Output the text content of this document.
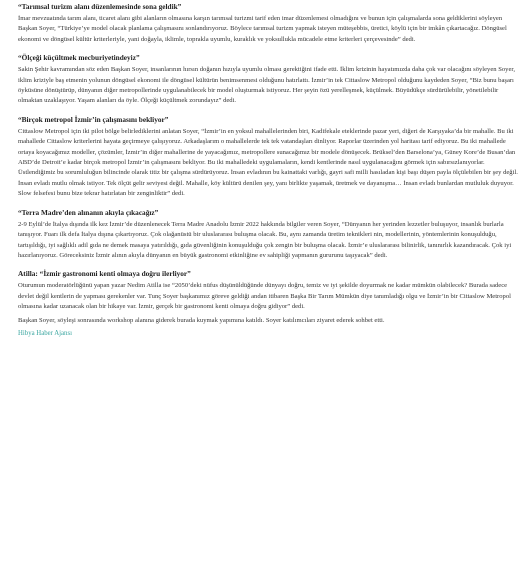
“Tarımsal turizm alanı düzenlemesinde sona geldik”

İmar mevzuatında tarım alanı, ticaret alanı gibi alanların olmasına karşın tarımsal turizmi tarif eden imar düzenlemesi olmadığını ve bunun için çalışmalarda sona geldiklerini söyleyen Başkan Soyer, “Türkiye’ye model olacak planlama çalışmasını sonlandırıyoruz. Böylece tarımsal turizm yapmak isteyen müteşebbis, üretici, köylü için bir imkân çıkartacağız. Döngüsel ekonomi ve döngüsel kültür kriterleriyle, yani doğayla, iklimle, toprakla uyumlu, kuraklık ve yoksullukla mücadele etme kriterleri çerçevesinde” dedi.

“Ölçeği küçültmek mecburiyetindeyiz”

Sakin Şehir kavramından söz eden Başkan Soyer, insanlarının hırsın doğanın hızıyla uyumlu olması gerektiğini ifade etti. İklim krizinin hayatımızda daha çok var olacağını söyleyen Soyer, iklim kriziyle baş etmenin yolunun döngüsel ekonomi ile döngüsel kültürün benimsenmesi olduğunu hatırlattı. İzmir’in tek Cittaslow Metropol olduğunu kaydeden Soyer, “Biz bunu başarı öyküsüne dönüştürüp, dünyanın diğer metropollerinde uygulanabilecek bir model oluşturmak istiyoruz. Her şeyin özü yerelleşmek, küçülmek. Büyüdükçe sürdürülebilir, yönetilebilir olmaktan uzaklaşıyor. Yaşam alanları da öyle. Ölçeği küçültmek zorundayız” dedi.

“Birçok metropol İzmir’in çalışmasını bekliyor”

Cittaslow Metropol için iki pilot bölge belirlediklerini anlatan Soyer, “İzmir’in en yoksul mahallelerinden biri, Kadifekale eteklerinde pazar yeri, diğeri de Karşıyaka’da bir mahalle. Bu iki mahallede Cittaslow kriterlerini hayata geçirmeye çalışıyoruz. Arkadaşlarım o mahallelerde tek tek vatandaşları dinliyor. Raporlar üzerinden yol haritası tarif ediyoruz. Bu iki mahallede ortaya koyacağımız modeller, çözümler, İzmir’in diğer mahallerine de yayacağımız, metropollere sunacağımız bir modele dönüşecek. Brüksel’den Barselona’ya, Güney Kore’de Busan’dan ABD’de Detroit’e kadar birçok metropol İzmir’in çalışmasını bekliyor. Bu iki mahalledeki uygulamaların, kendi kentlerinde nasıl uygulanacağını görmek için sabırsızlanıyorlar. Üstlendiğimiz bu sorumluluğun bilincinde olarak titiz bir çalışma sürdürüyoruz. İnsan evladının bu kainattaki varlığı, gayri safi milli hasıladan kişi başı düşen payla ölçülebilen bir şey değil. İnsan evladı mutlu olmak istiyor. Tek ölçüt gelir seviyesi değil. Mahalle, köy kültürü denilen şey, yanı birlikte yaşamak, üretmek ve dayanışma… İnsan evladı bunlardan mutluluk duyuyor. Slow felsefesi bunu bize tekrar hatırlatan bir zenginliktir” dedi.

“Terra Madre’den alınanın akıyla çıkacağız”

2-9 Eylül’de İtalya dışında ilk kez İzmir’de düzenlenecek Terra Madre Anadolu İzmir 2022 hakkında bilgiler veren Soyer, “Dünyanın her yerinden lezzetler buluşuyor, insanlık burlarla tanışıyor. Fuarı ilk defa İtalya dışına çıkartıyoruz. Çok olağanüstü bir uluslararası buluşma olacak. Bu, aynı zamanda üretim teknikleri nin, modellerinin, yöntemlerinin konuşulduğu, tartışıldığı, iyi sağlıklı adil gıda ne demek masaya yatırıldığı, gıda güvenliğinin konuşulduğu çok zengin bir buluşma olacak. İzmir’e uluslararası bilinirlik, tanınırlık kazandıracak. Çok iyi hazırlanıyoruz. Göreceksiniz İzmir alının akıyla dünyanın en büyük gastronomi etkinliğine ev sahipliği yapmanın gururunu taşıyacak” dedi.

Atilla: “İzmir gastronomi kenti olmaya doğru ilerliyor”

Oturumun moderatörlüğünü yapan yazar Nedim Atilla ise “2050’deki nüfus düşünüldüğünde dünyayı doğru, temiz ve iyi şekilde doyurmak ne kadar mümkün olabilecek? Burada sadece devlet değil kentlerin de yapması gerekenler var. Tunç Soyer başkanımız göreve geldiği andan itibaren Başka Bir Tarım Mümkün diye tanımladığı olgu ve İzmir’in bir Cittaslow Metropol olmasına kadar uzanacak olan bir hikaye var. İzmir, gerçek bir gastronomi kenti olmaya doğru gidiyor” dedi.

Başkan Soyer, söyleşi sonrasında workshop alanına giderek burada kuymak yapımına katıldı. Soyer katılımcıları ziyaret ederek sohbet etti.

Hibya Haber Ajansı
